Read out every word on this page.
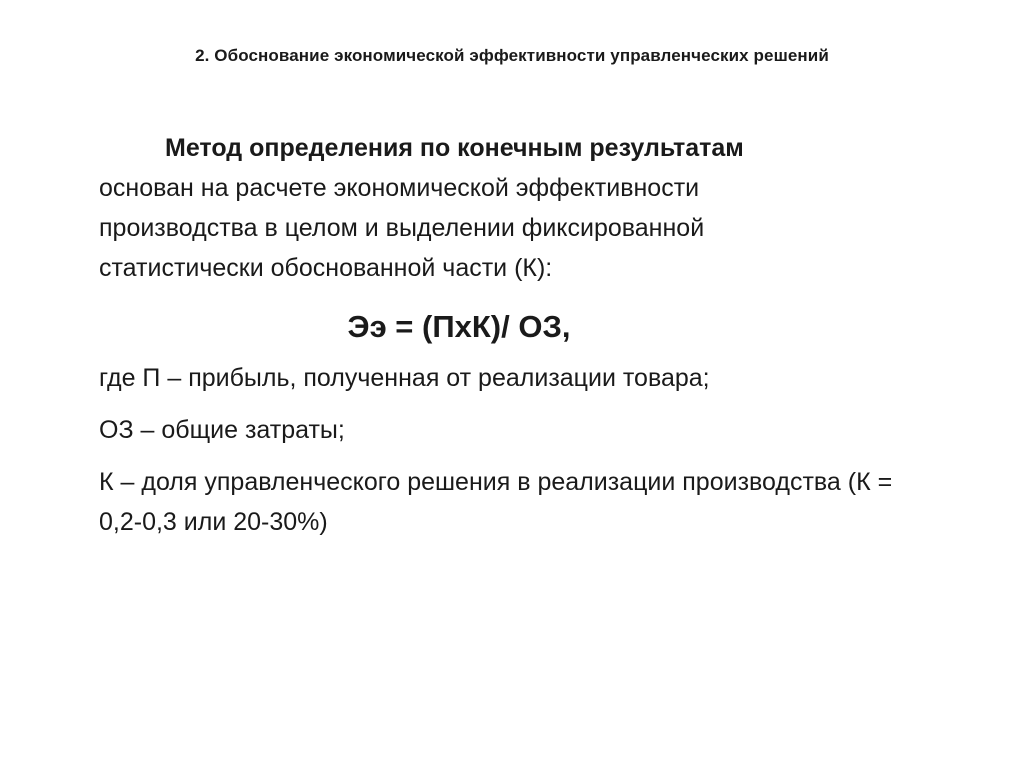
2. Обоснование экономической эффективности управленческих решений

Метод определения по конечным результатам
основан на расчете экономической эффективности
производства в целом и выделении фиксированной
статистически обоснованной части (К):

Ээ = (ПхК)/ ОЗ,

где П – прибыль, полученная от реализации товара;

ОЗ – общие затраты;

К – доля управленческого решения в реализации производства (К = 0,2-0,3 или 20-30%)
